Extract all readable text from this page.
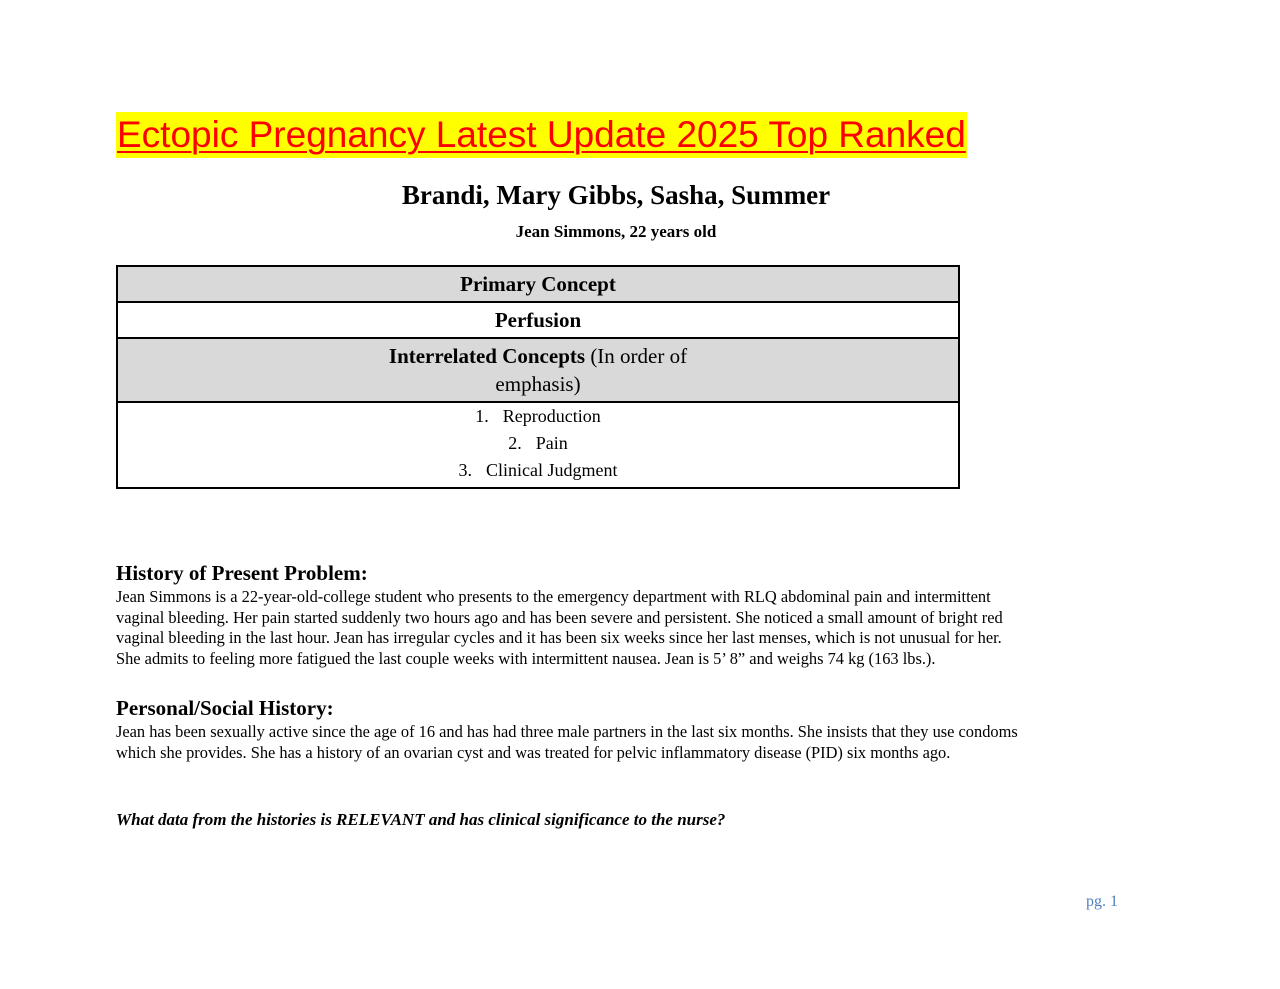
Ectopic Pregnancy Latest Update 2025 Top Ranked
Brandi, Mary Gibbs, Sasha, Summer
Jean Simmons, 22 years old
Primary Concept
Perfusion
Interrelated Concepts (In order of
emphasis)

1. Reproduction
2. Pain
3. Clinical Judgment
History of Present Problem:
Jean Simmons is a 22-year-old-college student who presents to the emergency department with RLQ abdominal pain and intermittent
vaginal bleeding. Her pain started suddenly two hours ago and has been severe and persistent. She noticed a small amount of bright red
vaginal bleeding in the last hour. Jean has irregular cycles and it has been six weeks since her last menses, which is not unusual for her.
She admits to feeling more fatigued the last couple weeks with intermittent nausea. Jean is 5’ 8” and weighs 74 kg (163 lbs.).
Personal/Social History:
Jean has been sexually active since the age of 16 and has had three male partners in the last six months. She insists that they use condoms
which she provides. She has a history of an ovarian cyst and was treated for pelvic inflammatory disease (PID) six months ago.
What data from the histories is RELEVANT and has clinical significance to the nurse?
pg. 1
